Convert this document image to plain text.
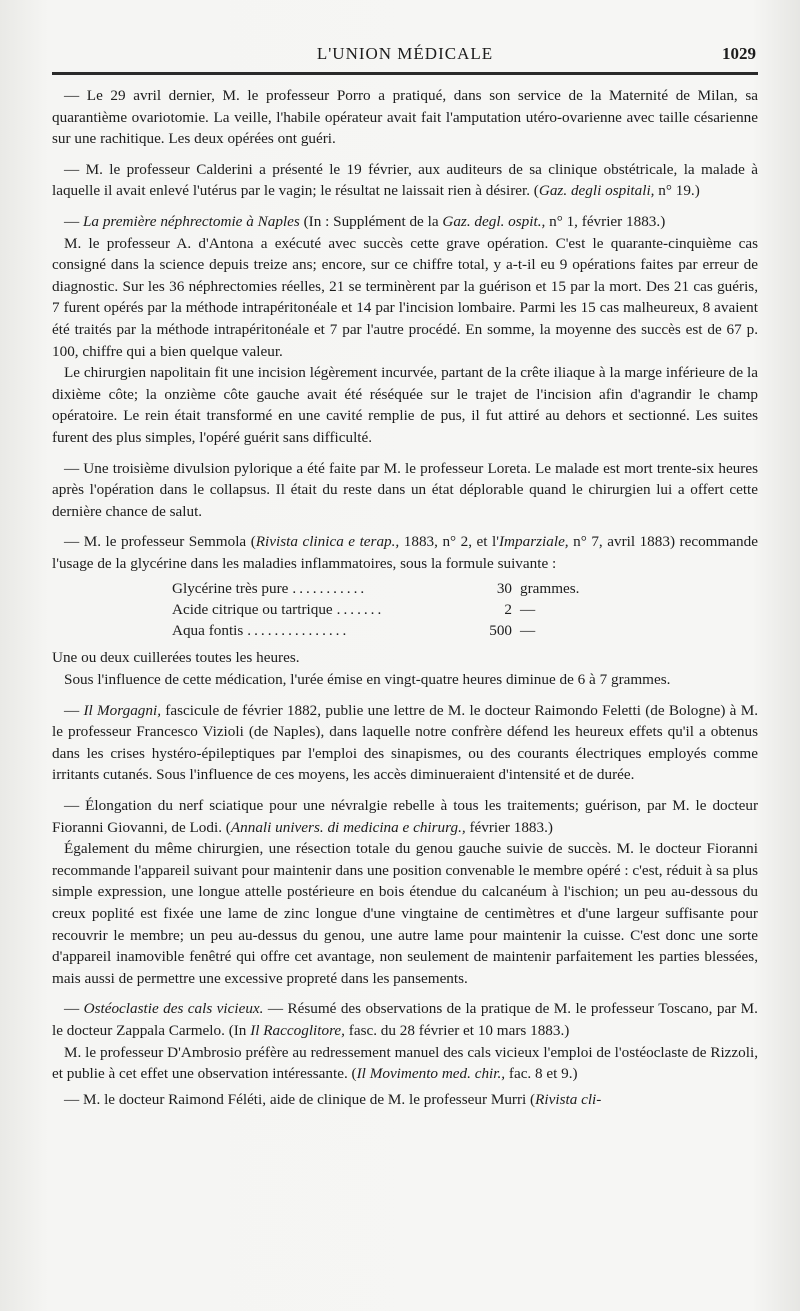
L'UNION MÉDICALE	1029

— Le 29 avril dernier, M. le professeur Porro a pratiqué, dans son service de la Maternité de Milan, sa quarantième ovariotomie. La veille, l'habile opérateur avait fait l'amputation utéro-ovarienne avec taille césarienne sur une rachitique. Les deux opérées ont guéri.

— M. le professeur Calderini a présenté le 19 février, aux auditeurs de sa clinique obstétricale, la malade à laquelle il avait enlevé l'utérus par le vagin; le résultat ne laissait rien à désirer. (Gaz. degli ospitali, n° 19.)

— La première néphrectomie à Naples (In : Supplément de la Gaz. degl. ospit., n° 1, février 1883.)

M. le professeur A. d'Antona a exécuté avec succès cette grave opération. C'est le quarante-cinquième cas consigné dans la science depuis treize ans; encore, sur ce chiffre total, y a-t-il eu 9 opérations faites par erreur de diagnostic. Sur les 36 néphrectomies réelles, 21 se terminèrent par la guérison et 15 par la mort. Des 21 cas guéris, 7 furent opérés par la méthode intrapéritonéale et 14 par l'incision lombaire. Parmi les 15 cas malheureux, 8 avaient été traités par la méthode intrapéritonéale et 7 par l'autre procédé. En somme, la moyenne des succès est de 67 p. 100, chiffre qui a bien quelque valeur.

Le chirurgien napolitain fit une incision légèrement incurvée, partant de la crête iliaque à la marge inférieure de la dixième côte; la onzième côte gauche avait été réséquée sur le trajet de l'incision afin d'agrandir le champ opératoire. Le rein était transformé en une cavité remplie de pus, il fut attiré au dehors et sectionné. Les suites furent des plus simples, l'opéré guérit sans difficulté.

— Une troisième divulsion pylorique a été faite par M. le professeur Loreta. Le malade est mort trente-six heures après l'opération dans le collapsus. Il était du reste dans un état déplorable quand le chirurgien lui a offert cette dernière chance de salut.

— M. le professeur Semmola (Rivista clinica e terap., 1883, n° 2, et l'Imparziale, n° 7, avril 1883) recommande l'usage de la glycérine dans les maladies inflammatoires, sous la formule suivante :

Glycérine très pure ...........	30 grammes.
Acide citrique ou tartrique .......	2 —
Aqua fontis ...............	500 —

Une ou deux cuillerées toutes les heures.

Sous l'influence de cette médication, l'urée émise en vingt-quatre heures diminue de 6 à 7 grammes.

— Il Morgagni, fascicule de février 1882, publie une lettre de M. le docteur Raimondo Feletti (de Bologne) à M. le professeur Francesco Vizioli (de Naples), dans laquelle notre confrère défend les heureux effets qu'il a obtenus dans les crises hystéro-épileptiques par l'emploi des sinapismes, ou des courants électriques employés comme irritants cutanés. Sous l'influence de ces moyens, les accès diminueraient d'intensité et de durée.

— Élongation du nerf sciatique pour une névralgie rebelle à tous les traitements; guérison, par M. le docteur Fioranni Giovanni, de Lodi. (Annali univers. di medicina e chirurg., février 1883.)

Également du même chirurgien, une résection totale du genou gauche suivie de succès. M. le docteur Fioranni recommande l'appareil suivant pour maintenir dans une position convenable le membre opéré : c'est, réduit à sa plus simple expression, une longue attelle postérieure en bois étendue du calcanéum à l'ischion; un peu au-dessous du creux poplité est fixée une lame de zinc longue d'une vingtaine de centimètres et d'une largeur suffisante pour recouvrir le membre; un peu au-dessus du genou, une autre lame pour maintenir la cuisse. C'est donc une sorte d'appareil inamovible fenêtré qui offre cet avantage, non seulement de maintenir parfaitement les parties blessées, mais aussi de permettre une excessive propreté dans les pansements.

— Ostéoclastie des cals vicieux. — Résumé des observations de la pratique de M. le professeur Toscano, par M. le docteur Zappala Carmelo. (In Il Raccoglitore, fasc. du 28 février et 10 mars 1883.)

M. le professeur D'Ambrosio préfère au redressement manuel des cals vicieux l'emploi de l'ostéoclaste de Rizzoli, et publie à cet effet une observation intéressante. (Il Movimento med. chir., fac. 8 et 9.)

— M. le docteur Raimond Féléti, aide de clinique de M. le professeur Murri (Rivista cli-
